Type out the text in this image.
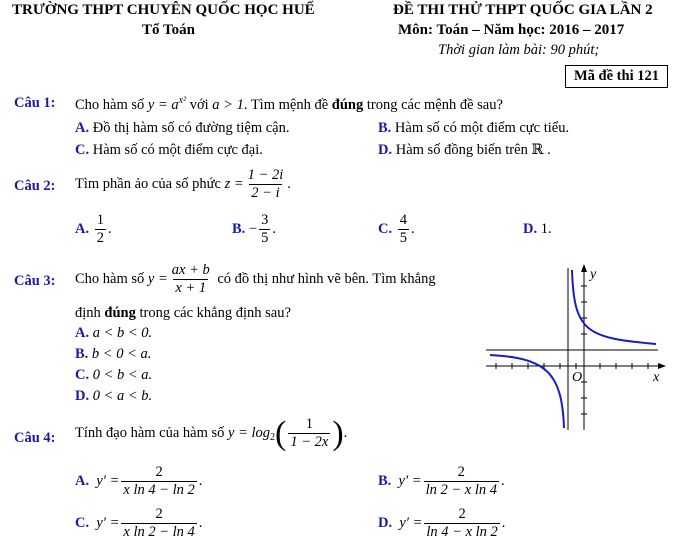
TRƯỜNG THPT CHUYÊN QUỐC HỌC HUẾ
Tổ Toán
ĐỀ THI THỬ THPT QUỐC GIA LẦN 2
Môn: Toán – Năm học: 2016 – 2017
Thời gian làm bài: 90 phút;
Mã đề thi 121
Câu 1: Cho hàm số $y = a^{x^2}$ với a > 1. Tìm mệnh đề đúng trong các mệnh đề sau?
A. Đồ thị hàm số có đường tiệm cận.	B. Hàm số có một điểm cực tiểu.
C. Hàm số có một điểm cực đại.	D. Hàm số đồng biến trên ℝ .
Câu 2: Tìm phần ảo của số phức
$z = \frac{1 - 2i}{2 - i}$ .
A.
$\frac{1}{2}$ .	B.
− $\frac{3}{5}$ .	C.
$\frac{4}{5}$ .	D. 1.
Câu 3: Cho hàm số
$y = \frac{ax + b}{x + 1}$
có đồ thị như hình vẽ bên. Tìm khẳng
định đúng trong các khẳng định sau?
A. a < b < 0.
B. b < 0 < a.
C. 0 < b < a.
D. 0 < a < b.
y
x
O
Câu 4: Tính đạo hàm của hàm số
$y = \log_2$ ( $\frac{1}{1 - 2x}$ ) .
A.
$y' = \frac{2}{\text{x ln 4 − ln 2}}$ .	B.
$y' = \frac{2}{\text{ln 2 − x ln 4}}$ .
C.
$y' = \frac{2}{\text{x ln 2 − ln 4}}$ .	D.
$y' = \frac{2}{\text{ln 4 − x ln 2}}$ .
